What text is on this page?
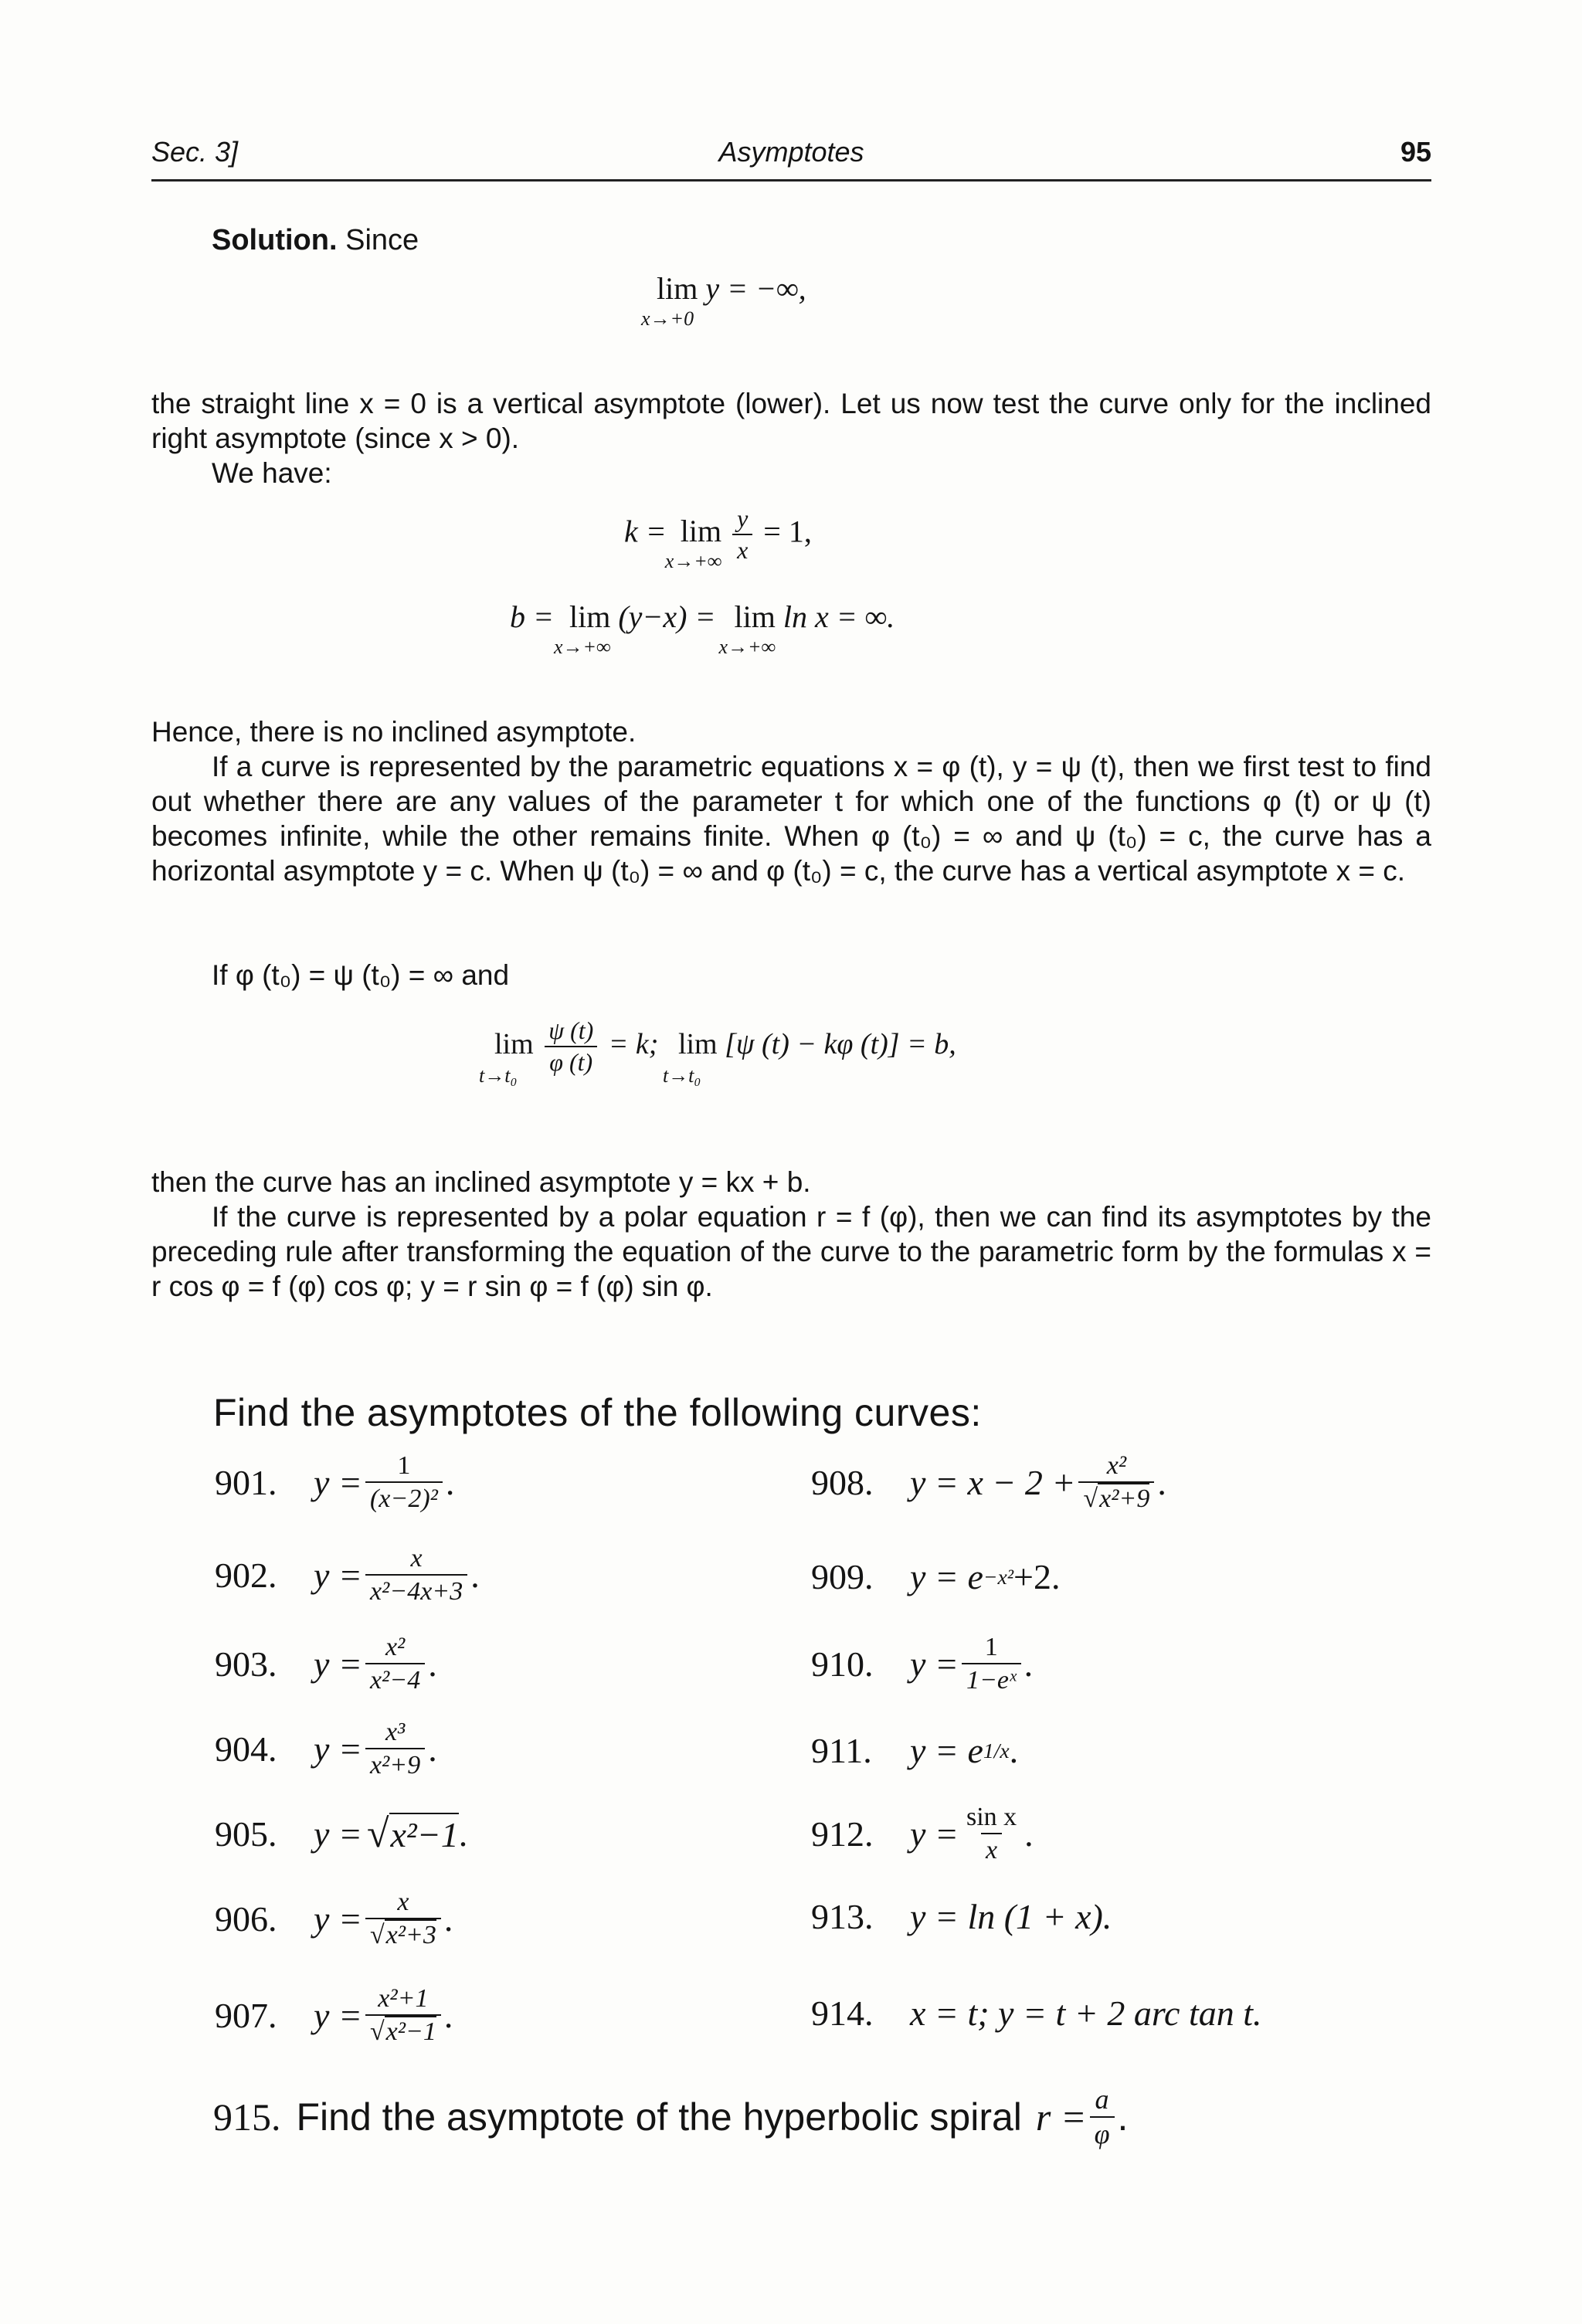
Sec. 3]	Asymptotes	95
Solution. Since
lim
x→+0
y = −∞,

the straight line x = 0 is a vertical asymptote (lower). Let us now test the curve only for the inclined right asymptote (since x > 0).

We have:

k = lim
x→+∞
$\frac{y}{x} = 1$,
b = lim
x→+∞
(y−x) = lim
x→+∞
ln x = ∞.

Hence, there is no inclined asymptote.

If a curve is represented by the parametric equations x = φ (t), y = ψ (t), then we first test to find out whether there are any values of the parameter t for which one of the functions φ (t) or ψ (t) becomes infinite, while the other remains finite. When φ (t₀) = ∞ and ψ (t₀) = c, the curve has a horizontal asymptote y = c. When ψ (t₀) = ∞ and φ (t₀) = c, the curve has a vertical asymptote x = c.

If φ (t₀) = ψ (t₀) = ∞ and

lim
t→t₀

$\frac{\psi (t)}{\varphi (t)} = k$; lim
t→t₀
[ψ (t) − kφ (t)] = b,

then the curve has an inclined asymptote y = kx + b.

If the curve is represented by a polar equation r = f (φ), then we can find its asymptotes by the preceding rule after transforming the equation of the curve to the parametric form by the formulas x = r cos φ = f (φ) cos φ; y = r sin φ = f (φ) sin φ.

Find the asymptotes of the following curves:
901.	$y = \frac{1}{\text{(x−2)²}}$ .
902.	$y = \frac{x}{\text{x²−4x+3}}$ .
903.	$y = \frac{\text{x²}}{\text{x²−4}}$ .
904.	$y = \frac{\text{x³}}{\text{x²+9}}$ .
905.	y = √ x²−1 .
906.	$y = \frac{x}{\text{√x²+3}}$ .
907.	$y = \frac{\text{x²+1}}{\text{√x²−1}}$ .
908.	$y = x - 2 + \frac{\text{x²}}{\text{√x²+9}}$ .
909.	y = e −x² +2.
910.	$y = \frac{1}{\text{1−eˣ}}$ .
911.	y = e 1/x .
912.	$y = \frac{\text{sin x}}{x}$ .
913.	y = ln (1 + x).
914.	x = t; y = t + 2 arc tan t.
915. Find the asymptote of the hyperbolic spiral $r = \frac{a}{\varphi}$ .
